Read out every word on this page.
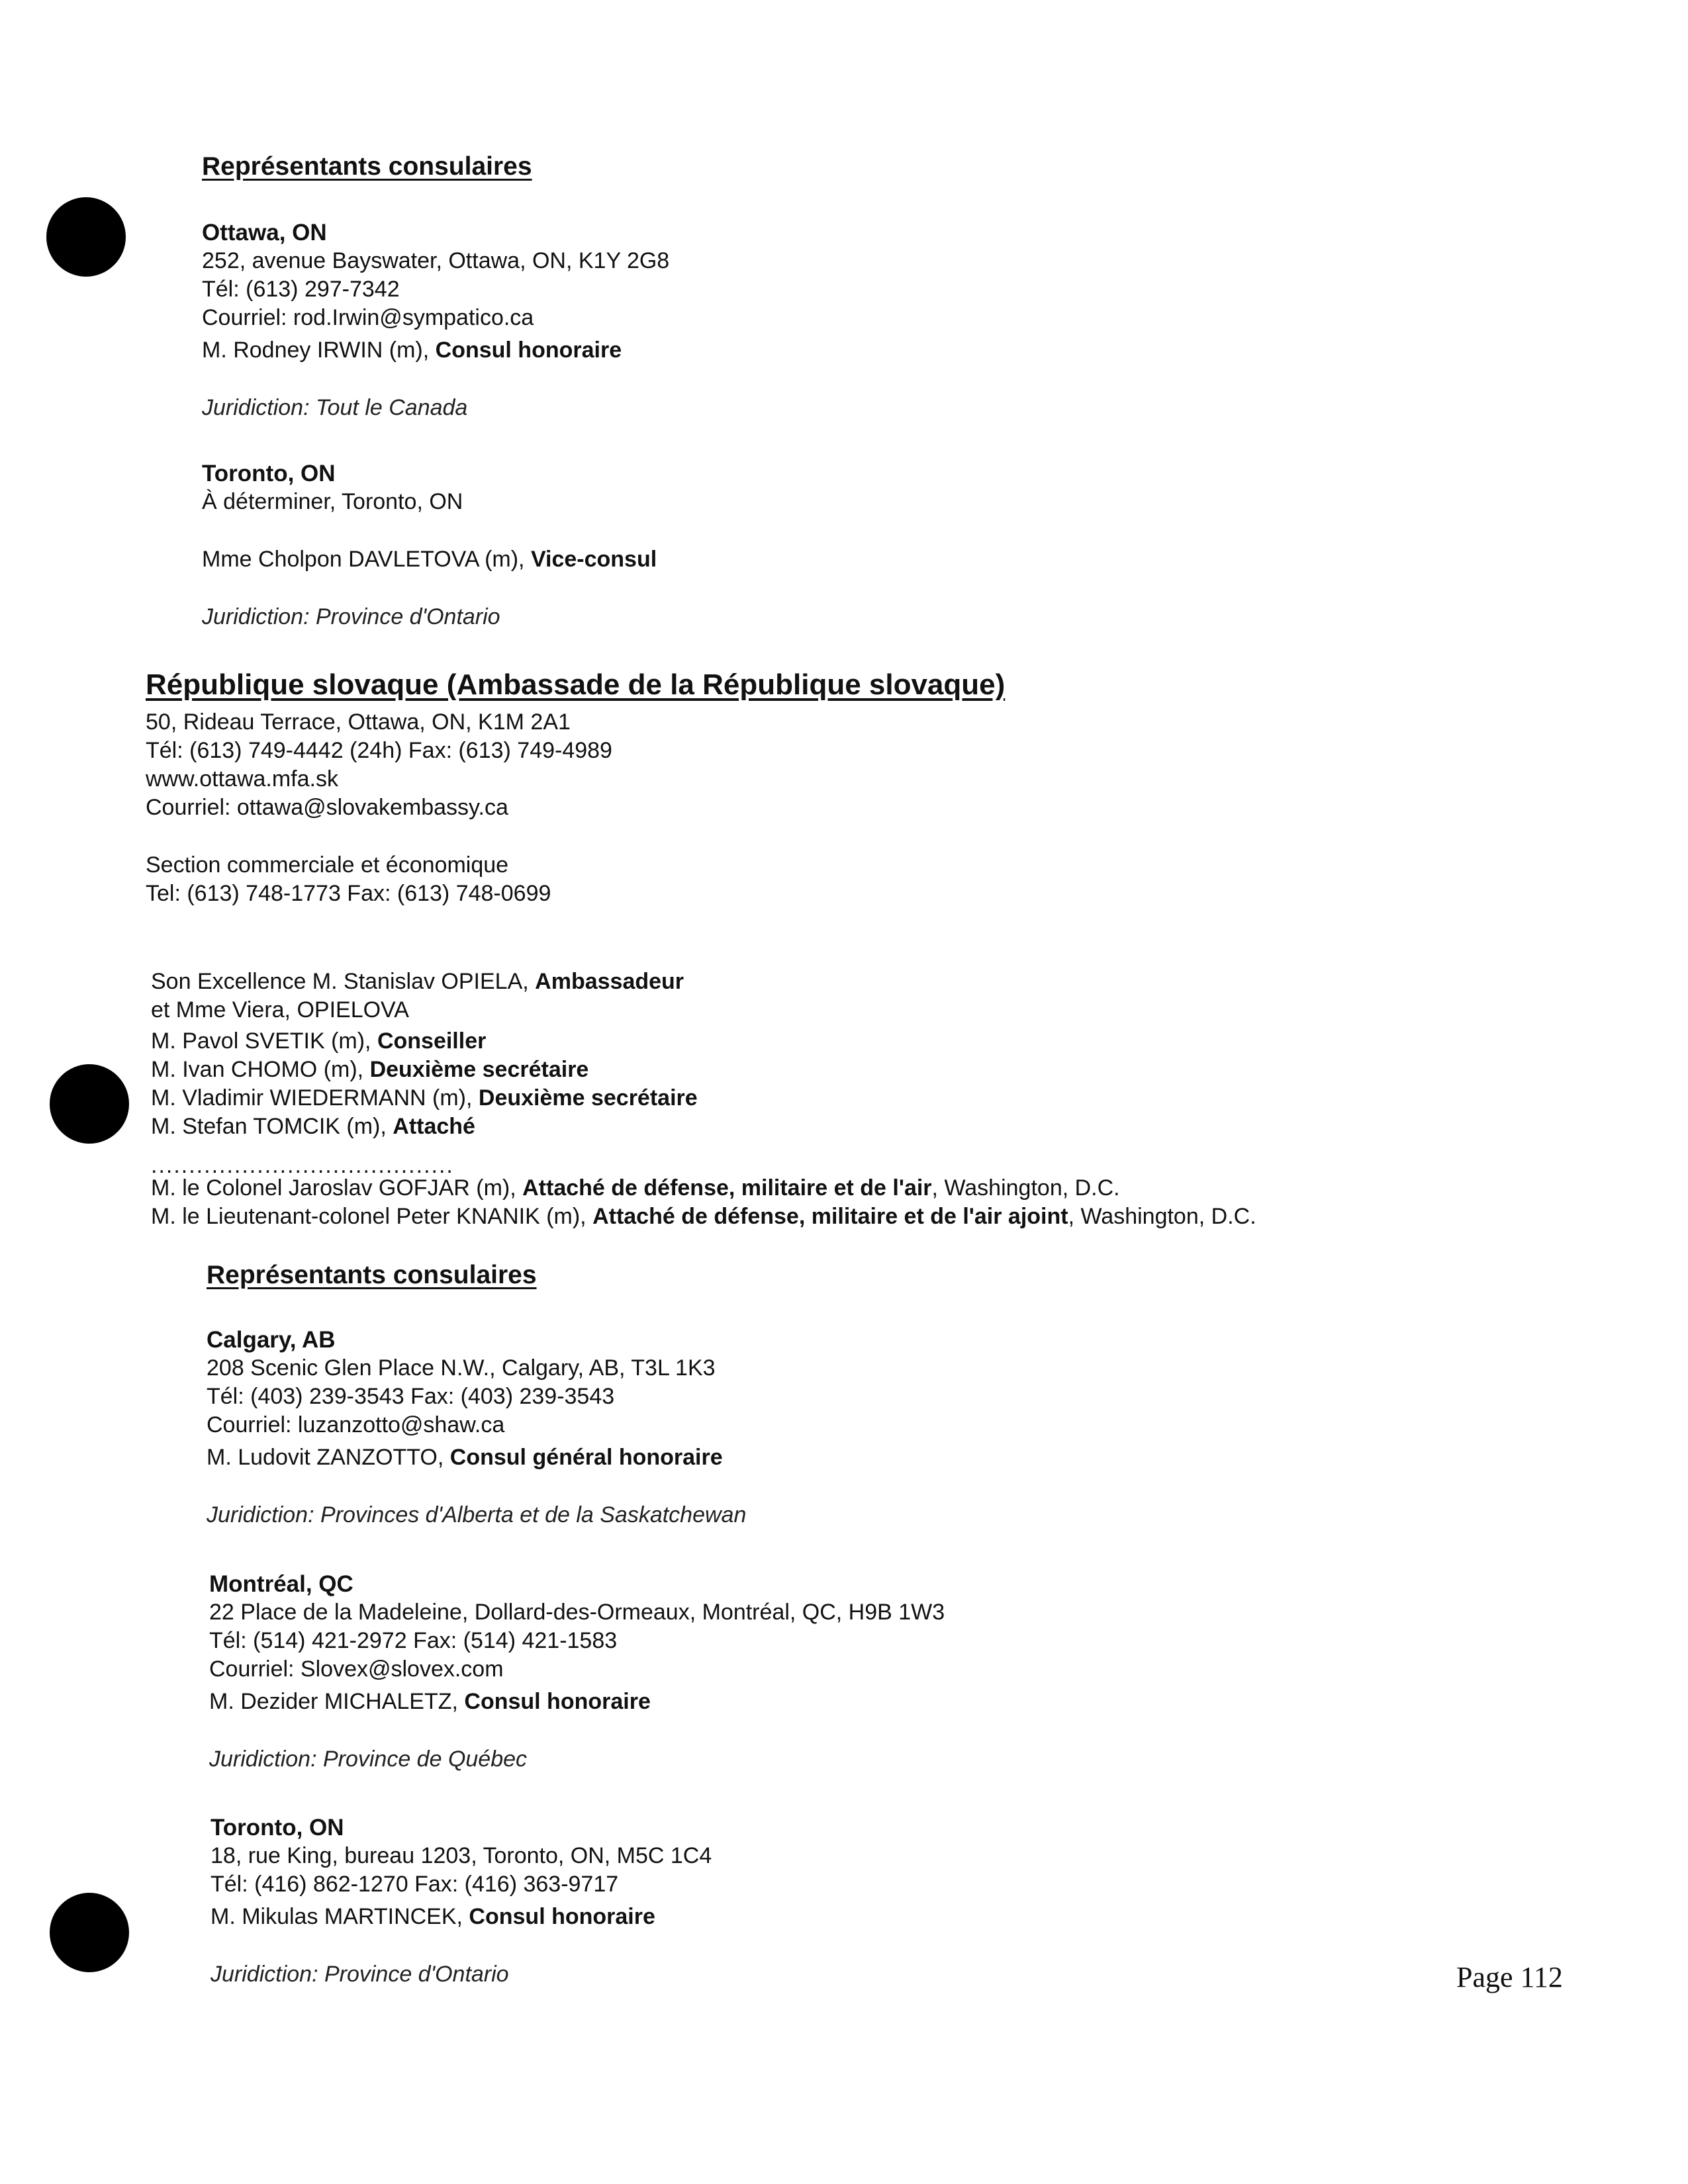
Représentants consulaires

Ottawa, ON

252, avenue Bayswater, Ottawa, ON, K1Y 2G8

Tél: (613) 297-7342

Courriel: rod.Irwin@sympatico.ca

M. Rodney IRWIN (m), Consul honoraire

Juridiction: Tout le Canada

Toronto, ON

À déterminer, Toronto, ON

Mme Cholpon DAVLETOVA (m), Vice-consul

Juridiction: Province d'Ontario

République slovaque (Ambassade de la République slovaque)

50, Rideau Terrace, Ottawa, ON, K1M 2A1

Tél: (613) 749-4442 (24h) Fax: (613) 749-4989

www.ottawa.mfa.sk

Courriel: ottawa@slovakembassy.ca

Section commerciale et économique

Tel: (613) 748-1773 Fax: (613) 748-0699

Son Excellence M. Stanislav OPIELA, Ambassadeur

et Mme Viera, OPIELOVA

M. Pavol SVETIK (m), Conseiller

M. Ivan CHOMO (m), Deuxième secrétaire

M. Vladimir WIEDERMANN (m), Deuxième secrétaire

M. Stefan TOMCIK (m), Attaché

........................................

M. le Colonel Jaroslav GOFJAR (m), Attaché de défense, militaire et de l'air, Washington, D.C.

M. le Lieutenant-colonel Peter KNANIK (m), Attaché de défense, militaire et de l'air ajoint, Washington, D.C.

Représentants consulaires

Calgary, AB

208 Scenic Glen Place N.W., Calgary, AB, T3L 1K3

Tél: (403) 239-3543 Fax: (403) 239-3543

Courriel: luzanzotto@shaw.ca

M. Ludovit ZANZOTTO, Consul général honoraire

Juridiction: Provinces d'Alberta et de la Saskatchewan

Montréal, QC

22 Place de la Madeleine, Dollard-des-Ormeaux, Montréal, QC, H9B 1W3

Tél: (514) 421-2972 Fax: (514) 421-1583

Courriel: Slovex@slovex.com

M. Dezider MICHALETZ, Consul honoraire

Juridiction: Province de Québec

Toronto, ON

18, rue King, bureau 1203, Toronto, ON, M5C 1C4

Tél: (416) 862-1270 Fax: (416) 363-9717

M. Mikulas MARTINCEK, Consul honoraire

Juridiction: Province d'Ontario	Page 112
